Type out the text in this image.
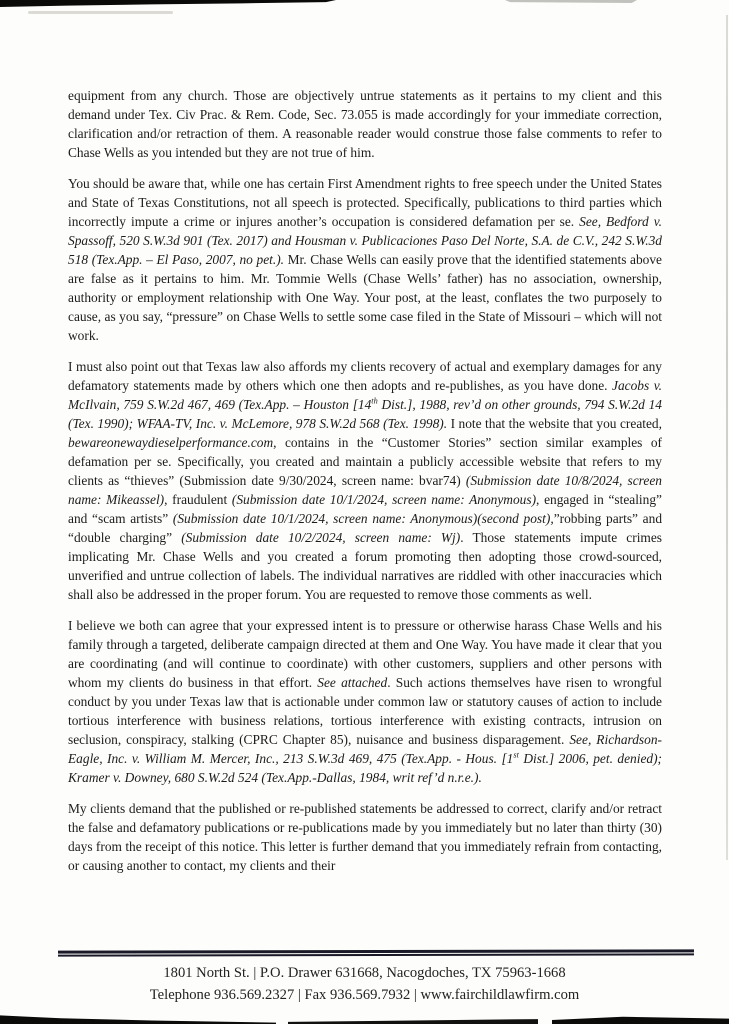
equipment from any church. Those are objectively untrue statements as it pertains to my client and this demand under Tex. Civ Prac. & Rem. Code, Sec. 73.055 is made accordingly for your immediate correction, clarification and/or retraction of them. A reasonable reader would construe those false comments to refer to Chase Wells as you intended but they are not true of him.

You should be aware that, while one has certain First Amendment rights to free speech under the United States and State of Texas Constitutions, not all speech is protected. Specifically, publications to third parties which incorrectly impute a crime or injures another’s occupation is considered defamation per se. See, Bedford v. Spassoff, 520 S.W.3d 901 (Tex. 2017) and Housman v. Publicaciones Paso Del Norte, S.A. de C.V., 242 S.W.3d 518 (Tex.App. – El Paso, 2007, no pet.). Mr. Chase Wells can easily prove that the identified statements above are false as it pertains to him. Mr. Tommie Wells (Chase Wells’ father) has no association, ownership, authority or employment relationship with One Way. Your post, at the least, conflates the two purposely to cause, as you say, “pressure” on Chase Wells to settle some case filed in the State of Missouri – which will not work.

I must also point out that Texas law also affords my clients recovery of actual and exemplary damages for any defamatory statements made by others which one then adopts and re-publishes, as you have done. Jacobs v. McIlvain, 759 S.W.2d 467, 469 (Tex.App. – Houston [14th Dist.], 1988, rev’d on other grounds, 794 S.W.2d 14 (Tex. 1990); WFAA-TV, Inc. v. McLemore, 978 S.W.2d 568 (Tex. 1998). I note that the website that you created, bewareonewaydieselperformance.com, contains in the “Customer Stories” section similar examples of defamation per se. Specifically, you created and maintain a publicly accessible website that refers to my clients as “thieves” (Submission date 9/30/2024, screen name: bvar74) (Submission date 10/8/2024, screen name: Mikeassel), fraudulent (Submission date 10/1/2024, screen name: Anonymous), engaged in “stealing” and “scam artists” (Submission date 10/1/2024, screen name: Anonymous)(second post),”robbing parts” and “double charging” (Submission date 10/2/2024, screen name: Wj). Those statements impute crimes implicating Mr. Chase Wells and you created a forum promoting then adopting those crowd-sourced, unverified and untrue collection of labels. The individual narratives are riddled with other inaccuracies which shall also be addressed in the proper forum. You are requested to remove those comments as well.

I believe we both can agree that your expressed intent is to pressure or otherwise harass Chase Wells and his family through a targeted, deliberate campaign directed at them and One Way. You have made it clear that you are coordinating (and will continue to coordinate) with other customers, suppliers and other persons with whom my clients do business in that effort. See attached. Such actions themselves have risen to wrongful conduct by you under Texas law that is actionable under common law or statutory causes of action to include tortious interference with business relations, tortious interference with existing contracts, intrusion on seclusion, conspiracy, stalking (CPRC Chapter 85), nuisance and business disparagement. See, Richardson-Eagle, Inc. v. William M. Mercer, Inc., 213 S.W.3d 469, 475 (Tex.App. - Hous. [1st Dist.] 2006, pet. denied); Kramer v. Downey, 680 S.W.2d 524 (Tex.App.-Dallas, 1984, writ ref’d n.r.e.).

My clients demand that the published or re-published statements be addressed to correct, clarify and/or retract the false and defamatory publications or re-publications made by you immediately but no later than thirty (30) days from the receipt of this notice. This letter is further demand that you immediately refrain from contacting, or causing another to contact, my clients and their

1801 North St. | P.O. Drawer 631668, Nacogdoches, TX 75963-1668
Telephone 936.569.2327 | Fax 936.569.7932 | www.fairchildlawfirm.com
